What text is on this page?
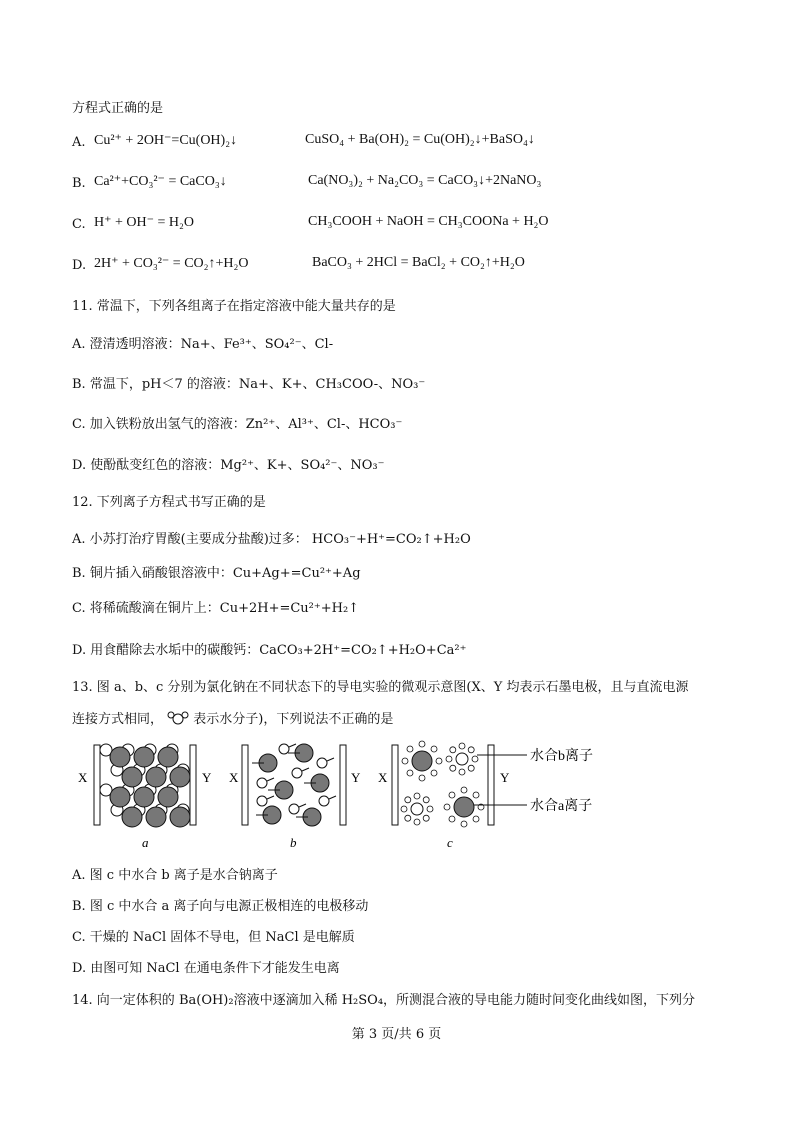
方程式正确的是
A. Cu²⁺ + 2OH⁻=Cu(OH)₂↓	CuSO₄ + Ba(OH)₂ = Cu(OH)₂↓+BaSO₄↓
B. Ca²⁺+CO₃²⁻ = CaCO₃↓	Ca(NO₃)₂ + Na₂CO₃ = CaCO₃↓+2NaNO₃
C. H⁺ + OH⁻ = H₂O	CH₃COOH + NaOH = CH₃COONa + H₂O
D. 2H⁺ + CO₃²⁻ = CO₂↑+H₂O	BaCO₃ + 2HCl = BaCl₂ + CO₂↑+H₂O
11. 常温下，下列各组离子在指定溶液中能大量共存的是
A. 澄清透明溶液：Na+、Fe³⁺、SO₄²⁻、Cl-
B. 常温下，pH＜7 的溶液：Na+、K+、CH₃COO-、NO₃⁻
C. 加入铁粉放出氢气的溶液：Zn²⁺、Al³⁺、Cl-、HCO₃⁻
D. 使酚酞变红色的溶液：Mg²⁺、K+、SO₄²⁻、NO₃⁻
12. 下列离子方程式书写正确的是
A. 小苏打治疗胃酸(主要成分盐酸)过多： HCO₃⁻+H⁺=CO₂↑+H₂O
B. 铜片插入硝酸银溶液中：Cu+Ag+=Cu²⁺+Ag
C. 将稀硫酸滴在铜片上：Cu+2H+=Cu²⁺+H₂↑
D. 用食醋除去水垢中的碳酸钙：CaCO₃+2H⁺=CO₂↑+H₂O+Ca²⁺
13. 图 a、b、c 分别为氯化钠在不同状态下的导电实验的微观示意图(X、Y 均表示石墨电极，且与直流电源
连接方式相同， 表示水分子)，下列说法不正确的是
X	Y
a
X	Y
b
X	Y
水合b离子
水合a离子
c
A. 图 c 中水合 b 离子是水合钠离子
B. 图 c 中水合 a 离子向与电源正极相连的电极移动
C. 干燥的 NaCl 固体不导电，但 NaCl 是电解质
D. 由图可知 NaCl 在通电条件下才能发生电离
14. 向一定体积的 Ba(OH)₂溶液中逐滴加入稀 H₂SO₄，所测混合液的导电能力随时间变化曲线如图，下列分
第 3 页/共 6 页
